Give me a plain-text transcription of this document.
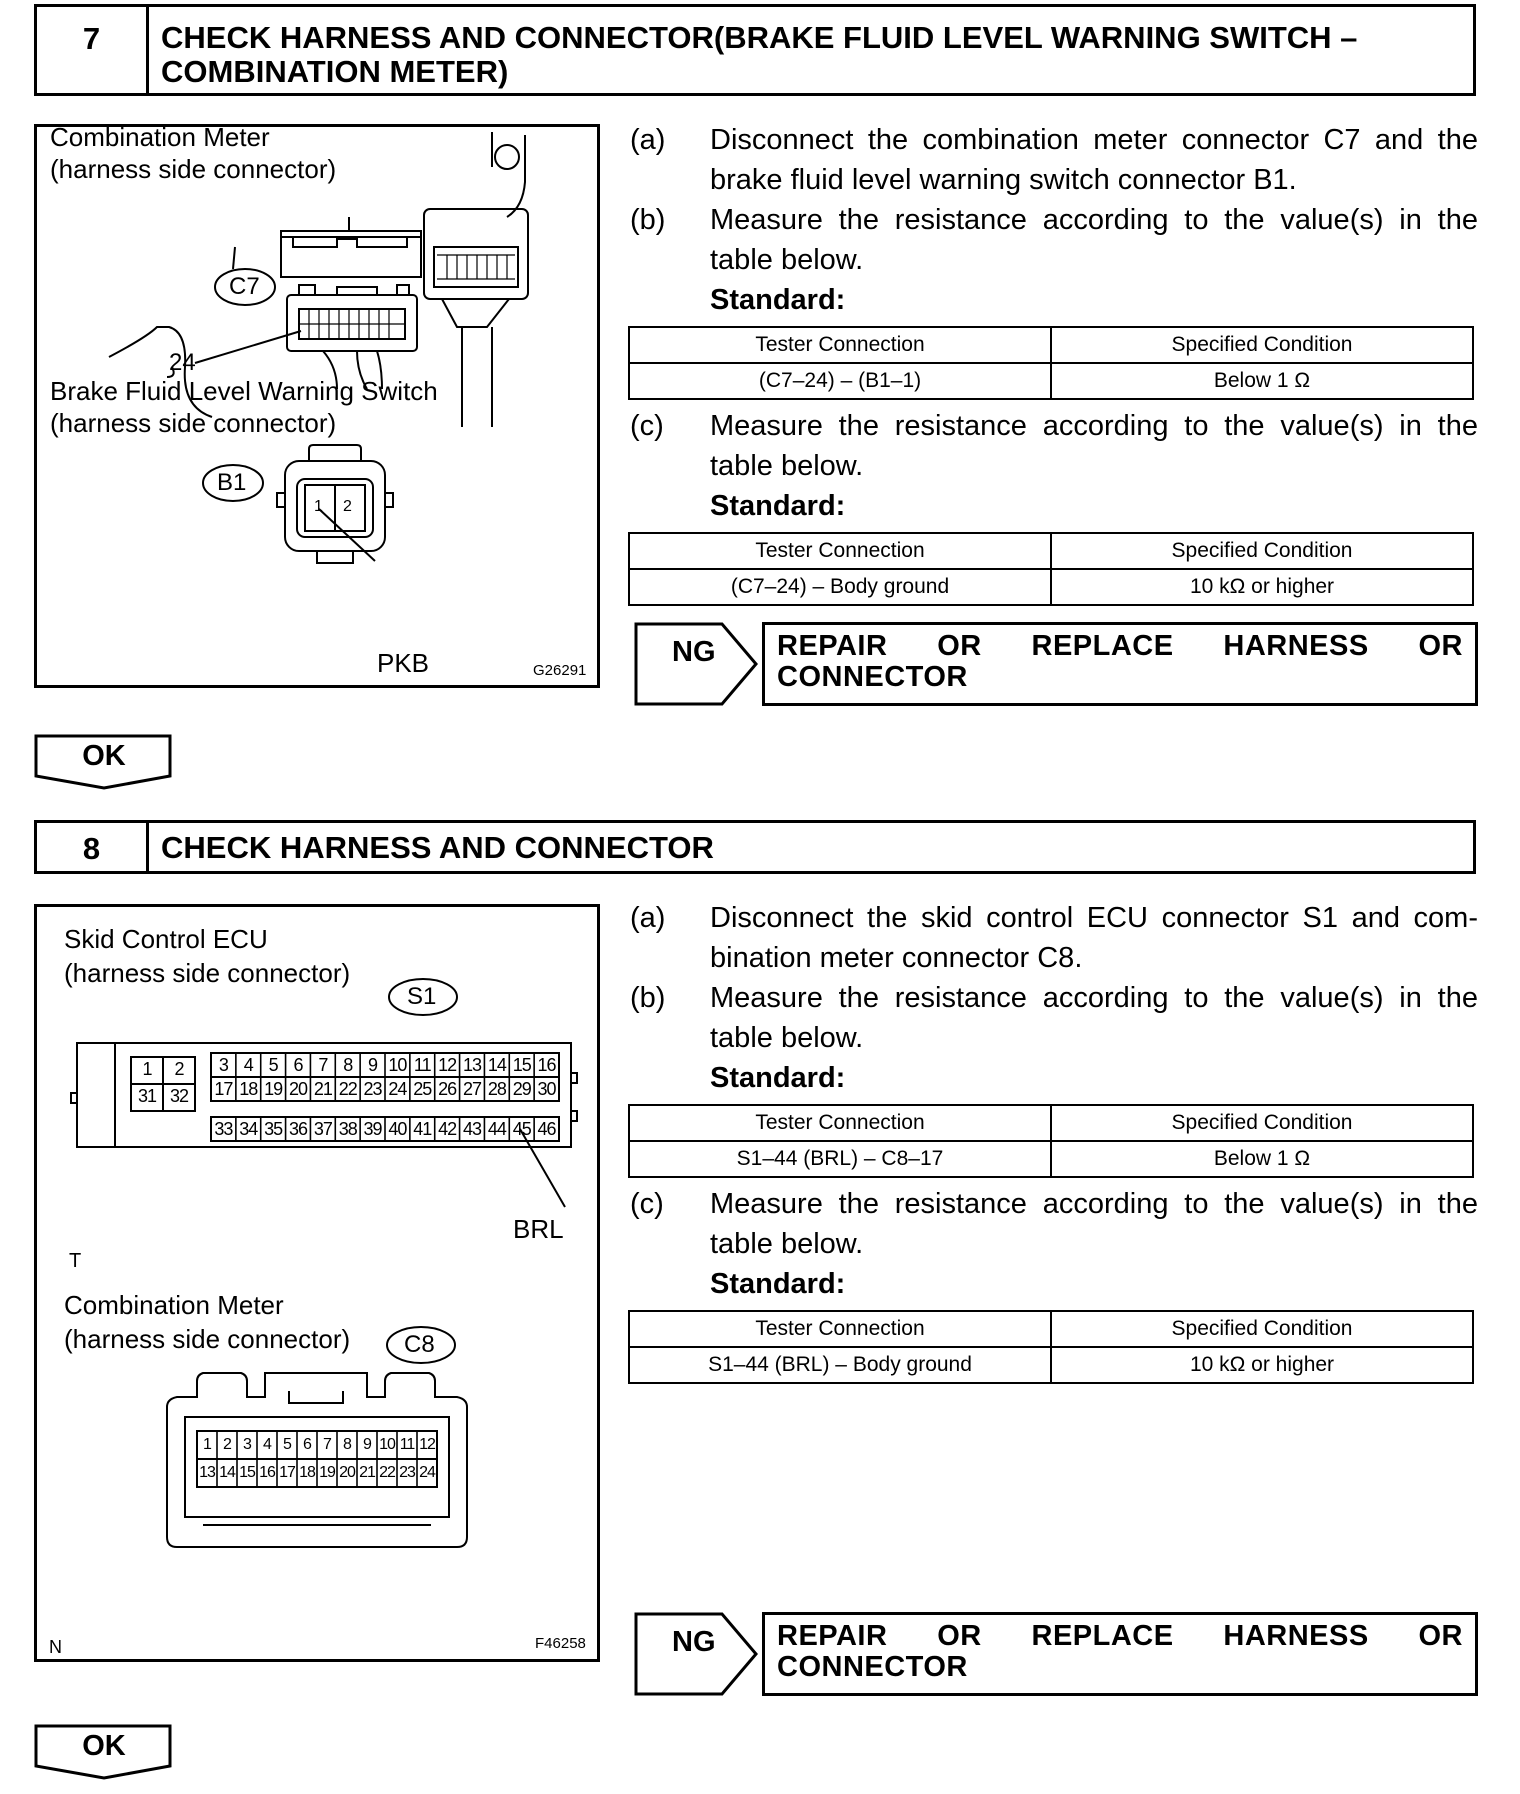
7	CHECK HARNESS AND CONNECTOR(BRAKE FLUID LEVEL WARNING SWITCH –
COMBINATION METER)
Combination Meter
(harness side connector)
C7
24
Brake Fluid Level Warning Switch
(harness side connector)
B1
1 2
PKB	G26291
(a)	Disconnect the combination meter connector C7 and the brake fluid level warning switch connector B1.
(b)	Measure the resistance according to the value(s) in the table below.
Standard:
Tester Connection	Specified Condition
(C7–24) – (B1–1)	Below 1 Ω
(c)	Measure the resistance according to the value(s) in the table below.
Standard:
Tester Connection	Specified Condition
(C7–24) – Body ground	10 kΩ or higher
NG REPAIR OR REPLACE HARNESS OR
CONNECTOR
OK
8	CHECK HARNESS AND CONNECTOR
Skid Control ECU
(harness side connector)
S1
3 4 5 6 7 8 9 10 11 12 13 14 15 16
17 18 19 20 21 22 23 24 25 26 27 28 29 30
33 34 35 36 37 38 39 40 41 42 43 44 45 46
1	2
31 32
BRL
T
Combination Meter
(harness side connector) C8
1 2 3 4 5 6 7 8 9 10 11 12
13 14 15 16 17 18 19 20 21 22 23 24
N	F46258
(a)	Disconnect the skid control ECU connector S1 and com-bination meter connector C8.
(b)	Measure the resistance according to the value(s) in the table below.
Standard:
Tester Connection	Specified Condition
S1–44 (BRL) – C8–17	Below 1 Ω
(c)	Measure the resistance according to the value(s) in the table below.
Standard:
Tester Connection	Specified Condition
S1–44 (BRL) – Body ground	10 kΩ or higher
NG REPAIR OR REPLACE HARNESS OR
CONNECTOR
OK
